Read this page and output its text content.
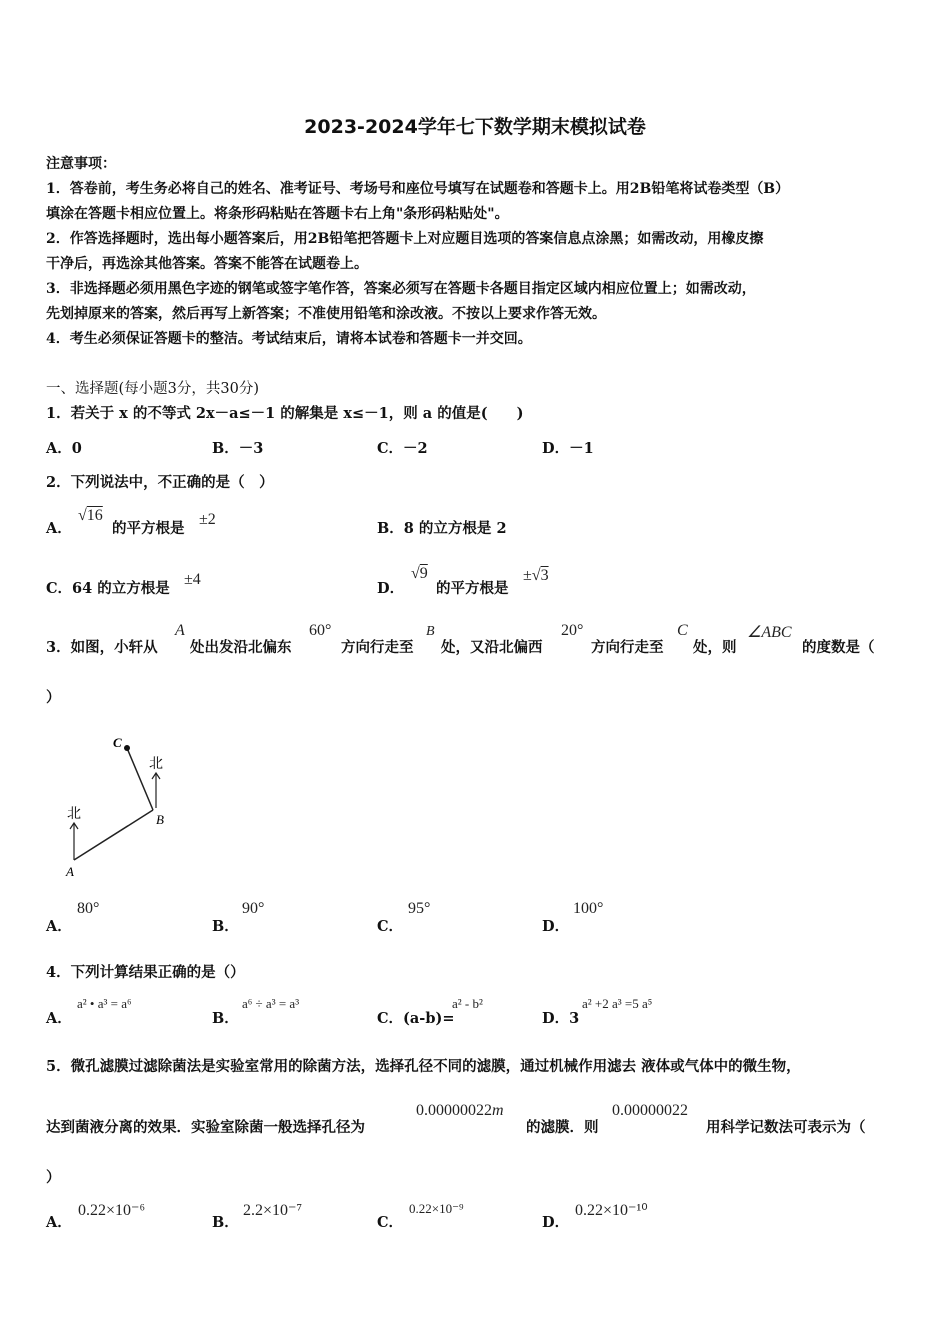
2023-2024学年七下数学期末模拟试卷
注意事项：
1．答卷前，考生务必将自己的姓名、准考证号、考场号和座位号填写在试题卷和答题卡上。用2B铅笔将试卷类型（B）
填涂在答题卡相应位置上。将条形码粘贴在答题卡右上角"条形码粘贴处"。
2．作答选择题时，选出每小题答案后，用2B铅笔把答题卡上对应题目选项的答案信息点涂黑；如需改动，用橡皮擦
干净后，再选涂其他答案。答案不能答在试题卷上。
3．非选择题必须用黑色字迹的钢笔或签字笔作答，答案必须写在答题卡各题目指定区域内相应位置上；如需改动，
先划掉原来的答案，然后再写上新答案；不准使用铅笔和涂改液。不按以上要求作答无效。
4．考生必须保证答题卡的整洁。考试结束后，请将本试卷和答题卡一并交回。
一、选择题(每小题3分，共30分)
1．若关于 x 的不等式 2x－a≤－1 的解集是 x≤－1，则 a 的值是(　　)
A．0	B．－3	C．－2	D．－1
2．下列说法中，不正确的是（　）
A．
√16
的平方根是
±2
B．8 的立方根是 2
C．64 的立方根是
±4
D．
√9
的平方根是
±√3
3．如图，小轩从
A
处出发沿北偏东
60°
方向行走至
B
处，又沿北偏西
20°
方向行走至
C
处，则
∠ABC
的度数是（
）
北
北
A
B
C
A．
80°
B．
90°
C．
95°
D．
100°
4．下列计算结果正确的是（）
A．
a² • a³ = a⁶
B．
a⁶ ÷ a³ = a³
C．(a-b)=
a² - b²
D．3
a² +2 a³ =5 a⁵
5．微孔滤膜过滤除菌法是实验室常用的除菌方法，选择孔径不同的滤膜，通过机械作用滤去 液体或气体中的微生物，
达到菌液分离的效果．实验室除菌一般选择孔径为
0.00000022m
的滤膜．则
0.00000022
用科学记数法可表示为（
）
A．
0.22×10⁻⁶
B．
2.2×10⁻⁷
C．
0.22×10⁻⁹
D．
0.22×10⁻¹⁰
